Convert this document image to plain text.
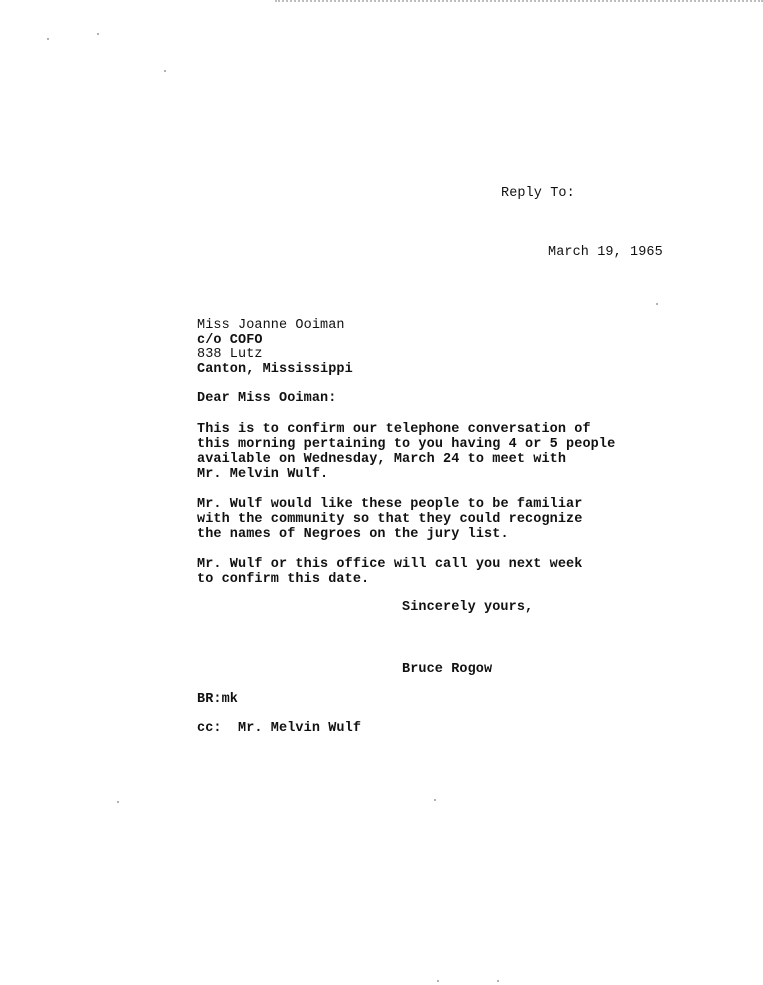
Reply To:
March 19, 1965
Miss Joanne Ooiman
c/o COFO
838 Lutz
Canton, Mississippi
Dear Miss Ooiman:
This is to confirm our telephone conversation of
this morning pertaining to you having 4 or 5 people
available on Wednesday, March 24 to meet with
Mr. Melvin Wulf.
Mr. Wulf would like these people to be familiar
with the community so that they could recognize
the names of Negroes on the jury list.
Mr. Wulf or this office will call you next week
to confirm this date.
Sincerely yours,
Bruce Rogow
BR:mk
cc:  Mr. Melvin Wulf
